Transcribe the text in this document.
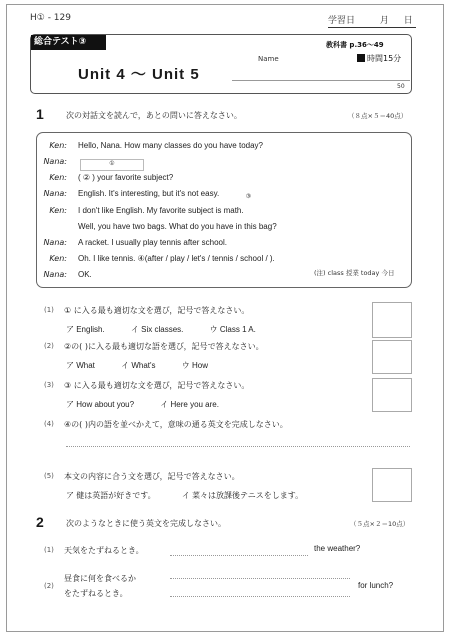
H① - 129	学習日	月 日
総合テスト③	教科書 p.36〜49
時間15分
Name
Unit 4 〜 Unit 5
50
1	次の対話文を読んで，あとの問いに答えなさい。	（８点×５＝40点）
Ken: Hello, Nana. How many classes do you have today?
Nana:	①
Ken: ( ② ) your favorite subject?
Nana: English. It's interesting, but it's not easy.	③
Ken: I don't like English. My favorite subject is math.
Well, you have two bags. What do you have in this bag?
Nana: A racket. I usually play tennis after school.
Ken: Oh. I like tennis. ④(after / play / let's / tennis / school / ).
Nana: OK.	(注) class 授業 today 今日
(1) ① に入る最も適切な文を選び，記号で答えなさい。
ア English.	イ Six classes.	ウ Class 1 A.
(2) ②の( )に入る最も適切な語を選び，記号で答えなさい。
ア What	イ What's	ウ How
(3) ③ に入る最も適切な文を選び，記号で答えなさい。
ア How about you?	イ Here you are.
(4) ④の( )内の語を並べかえて，意味の通る英文を完成しなさい。
(5) 本文の内容に合う文を選び，記号で答えなさい。
ア 健は英語が好きです。	イ 菜々は放課後テニスをします。
2	次のようなときに使う英文を完成しなさい。	（５点×２＝10点）
(1) 天気をたずねるとき。	the weather?
(2)
昼食に何を食べるか
をたずねるとき。
for lunch?
